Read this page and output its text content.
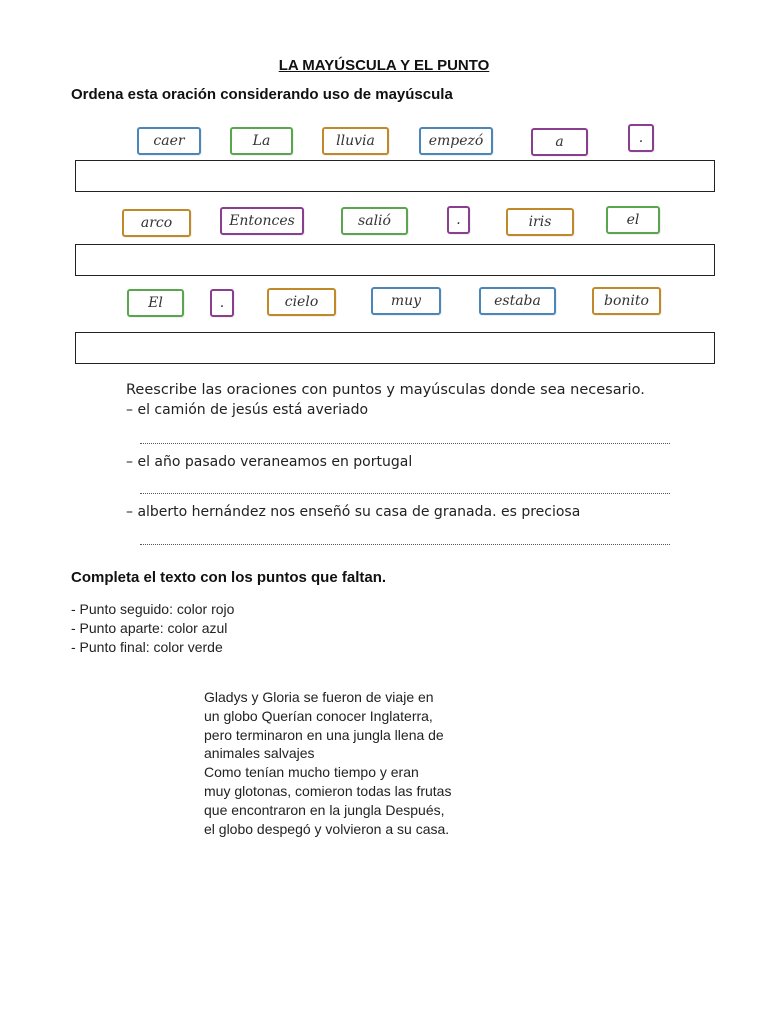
LA MAYÚSCULA Y EL PUNTO
Ordena esta oración considerando uso de mayúscula
caer	La	lluvia	empezó	a	.
arco	Entonces	salió	.	iris	el
El	.	cielo	muy	estaba	bonito
Reescribe las oraciones con puntos y mayúsculas donde sea necesario.
– el camión de jesús está averiado
– el año pasado veraneamos en portugal
– alberto hernández nos enseñó su casa de granada. es preciosa
Completa el texto con los puntos que faltan.
- Punto seguido: color rojo
- Punto aparte: color azul
- Punto final: color verde
Gladys y Gloria se fueron de viaje en
un globo Querían conocer Inglaterra,
pero terminaron en una jungla llena de
animales salvajes
Como tenían mucho tiempo y eran
muy glotonas, comieron todas las frutas
que encontraron en la jungla Después,
el globo despegó y volvieron a su casa.
